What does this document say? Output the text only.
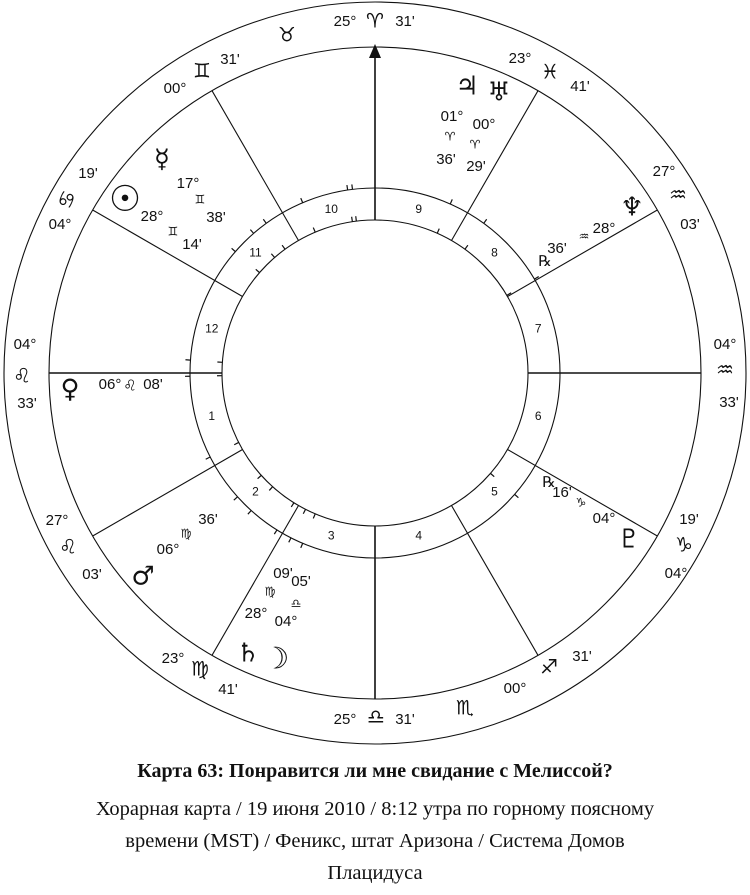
1
2
3	4
5
6
7
8
9
10
11
12
25° ♈ 31'
♉
00°
♊ 31'
04°
♋
19'
04°
♌
33'
27°
♌
03'
23° ♍
41'
25° ♎ 31' ♏
00°
♐ 31'
19'
♑
04°
04°
♒
33'
27°
♒
03'
23°
♓
41'
☿
17°
♊
38'
☉ 28°
♊
14'
♃
01°
♈
36'
♅
00°
♈
29'
♆
28°
♒
36'
℞
♀ 06° ♌ 08'
♂
06°
♍
36'
♄
28°
♍
09'
☽
04°
♎
05'
♇
04°
♑
16'
℞
Карта 63: Понравится ли мне свидание с Мелиссой?
Хорарная карта / 19 июня 2010 / 8:12 утра по горному поясному
времени (MST) / Феникс, штат Аризона / Система Домов
Плацидуса
